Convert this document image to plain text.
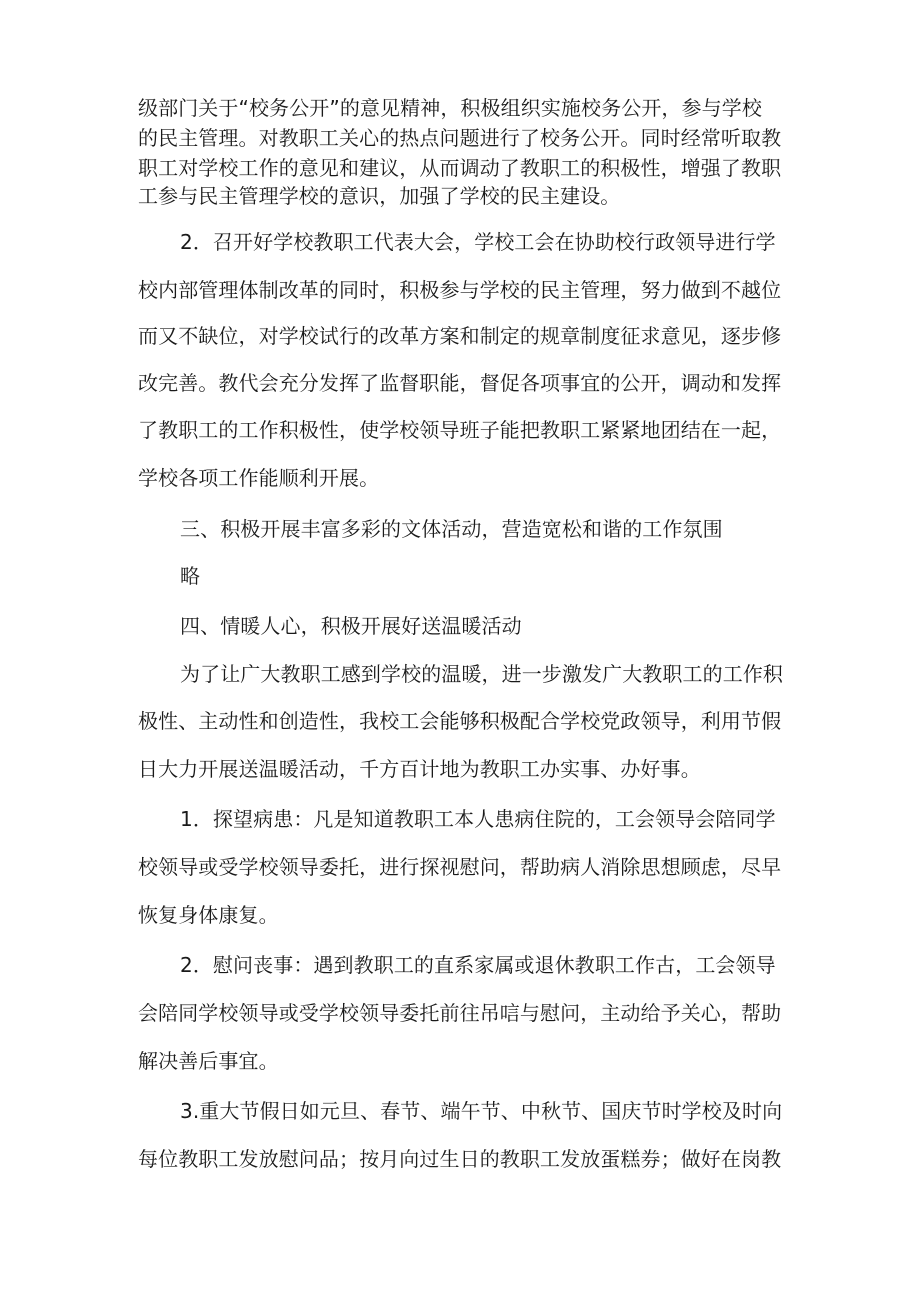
级部门关于“校务公开”的意见精神，积极组织实施校务公开，参与学校
的民主管理。对教职工关心的热点问题进行了校务公开。同时经常听取教
职工对学校工作的意见和建议，从而调动了教职工的积极性，增强了教职
工参与民主管理学校的意识，加强了学校的民主建设。
2．召开好学校教职工代表大会，学校工会在协助校行政领导进行学
校内部管理体制改革的同时，积极参与学校的民主管理，努力做到不越位
而又不缺位，对学校试行的改革方案和制定的规章制度征求意见，逐步修
改完善。教代会充分发挥了监督职能，督促各项事宜的公开，调动和发挥
了教职工的工作积极性，使学校领导班子能把教职工紧紧地团结在一起，
学校各项工作能顺利开展。
三、积极开展丰富多彩的文体活动，营造宽松和谐的工作氛围
略
四、情暖人心，积极开展好送温暖活动
为了让广大教职工感到学校的温暖，进一步激发广大教职工的工作积
极性、主动性和创造性，我校工会能够积极配合学校党政领导，利用节假
日大力开展送温暖活动，千方百计地为教职工办实事、办好事。
1．探望病患：凡是知道教职工本人患病住院的，工会领导会陪同学
校领导或受学校领导委托，进行探视慰问，帮助病人消除思想顾虑，尽早
恢复身体康复。
2．慰问丧事：遇到教职工的直系家属或退休教职工作古，工会领导
会陪同学校领导或受学校领导委托前往吊唁与慰问，主动给予关心，帮助
解决善后事宜。
3.重大节假日如元旦、春节、端午节、中秋节、国庆节时学校及时向
每位教职工发放慰问品；按月向过生日的教职工发放蛋糕券；做好在岗教
